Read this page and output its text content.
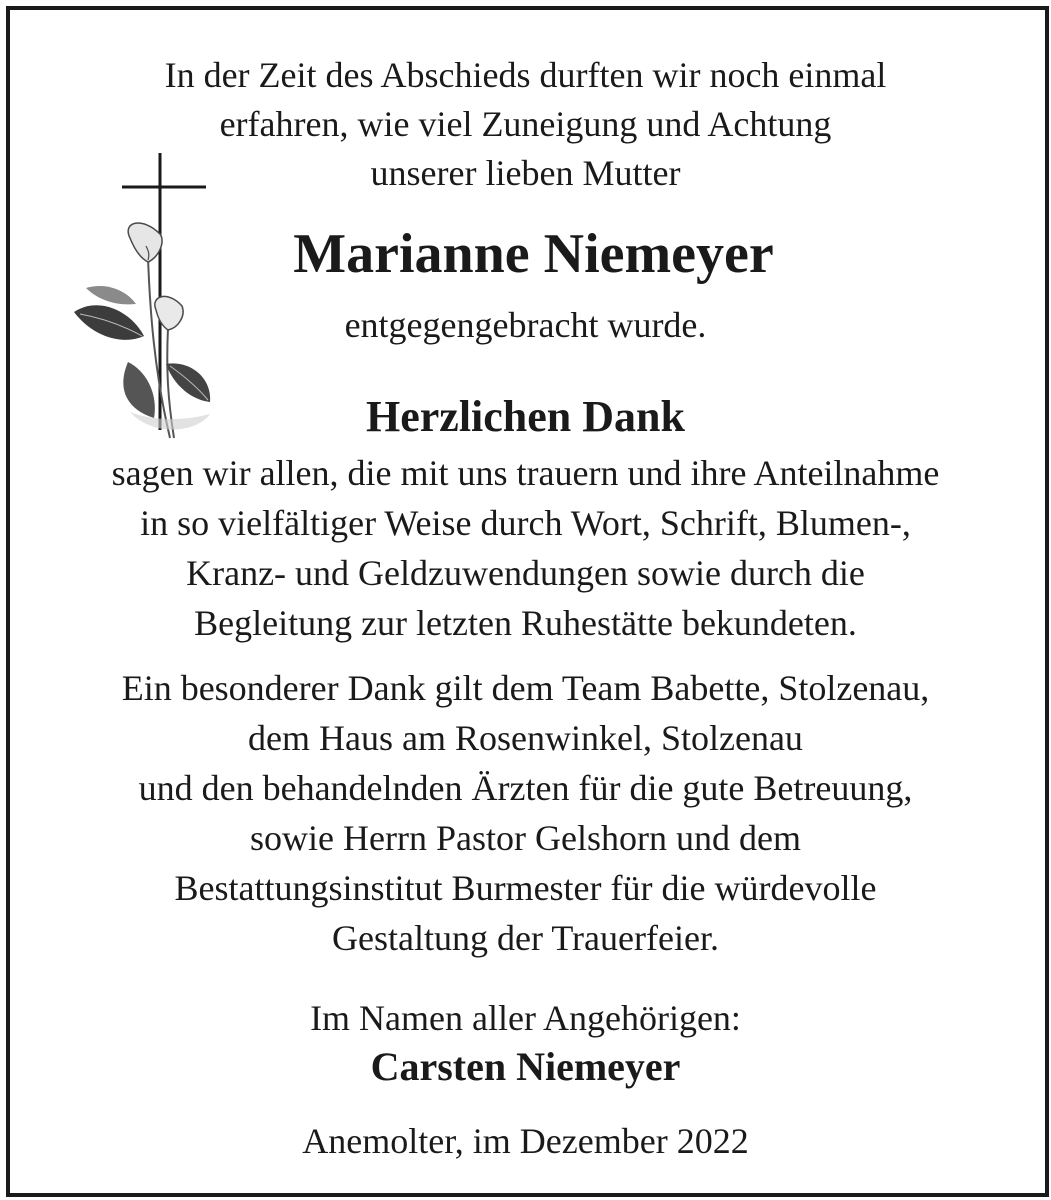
In der Zeit des Abschieds durften wir noch einmal
erfahren, wie viel Zuneigung und Achtung
unserer lieben Mutter
Marianne Niemeyer
entgegengebracht wurde.
Herzlichen Dank
sagen wir allen, die mit uns trauern und ihre Anteilnahme
in so vielfältiger Weise durch Wort, Schrift, Blumen-,
Kranz- und Geldzuwendungen sowie durch die
Begleitung zur letzten Ruhestätte bekundeten.
Ein besonderer Dank gilt dem Team Babette, Stolzenau,
dem Haus am Rosenwinkel, Stolzenau
und den behandelnden Ärzten für die gute Betreuung,
sowie Herrn Pastor Gelshorn und dem
Bestattungsinstitut Burmester für die würdevolle
Gestaltung der Trauerfeier.
Im Namen aller Angehörigen:
Carsten Niemeyer
Anemolter, im Dezember 2022
